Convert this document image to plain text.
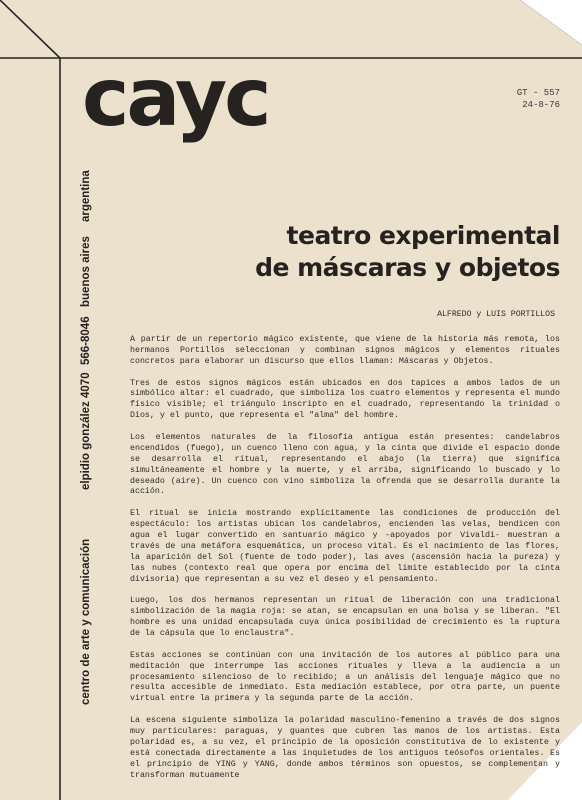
cayc	GT - 557
24-8-76
centro de arte y comunicaciónelpidio gonzález 4070566-8046buenos airesargentina
teatro experimental
de máscaras y objetos
ALFREDO y LUIS PORTILLOS

A partir de un repertorio mágico existente, que viene de la historia más remota, los hermanos Portillos seleccionan y combinan signos mágicos y elementos rituales concretos para elaborar un discurso que ellos llaman: Máscaras y Objetos.

Tres de estos signos mágicos están ubicados en dos tapices a ambos lados de un simbólico altar: el cuadrado, que simboliza los cuatro elementos y representa el mundo físico visible; el triángulo inscripto en el cuadrado, representando la trinidad o Dios, y el punto, que representa el "alma" del hombre.

Los elementos naturales de la filosofía antigua están presentes: candelabros encendidos (fuego), un cuenco lleno con agua, y la cinta que divide el espacio donde se desarrolla el ritual, representando el abajo (la tierra) que significa simultáneamente el hombre y la muerte, y el arriba, significando lo buscado y lo deseado (aire). Un cuenco con vino simboliza la ofrenda que se desarrolla durante la acción.

El ritual se inicia mostrando explícitamente las condiciones de producción del espectáculo: los artistas ubican los candelabros, encienden las velas, bendicen con agua el lugar convertido en santuario mágico y -apoyados por Vivaldi- muestran a través de una metáfora esquemática, un proceso vital. Es el nacimiento de las flores, la aparición del Sol (fuente de todo poder), las aves (ascensión hacia la pureza) y las nubes (contexto real que opera por encima del límite establecido por la cinta divisoria) que representan a su vez el deseo y el pensamiento.

Luego, los dos hermanos representan un ritual de liberación con una tradicional simbolización de la magia roja: se atan, se encapsulan en una bolsa y se liberan. "El hombre es una unidad encapsulada cuya única posibilidad de crecimiento es la ruptura de la cápsula que lo enclaustra".

Estas acciones se continúan con una invitación de los autores al público para una meditación que interrumpe las acciones rituales y lleva a la audiencia a un procesamiento silencioso de lo recibido; a un análisis del lenguaje mágico que no resulta accesible de inmediato. Esta mediación establece, por otra parte, un puente virtual entre la primera y la segunda parte de la acción.

La escena siguiente simboliza la polaridad masculino-femenino a través de dos signos muy particulares: paraguas, y guantes que cubren las manos de los artistas. Esta polaridad es, a su vez, el principio de la oposición constitutiva de lo existente y está conectada directamente a las inquietudes de los antiguos teósofos orientales. Es el principio de YING y YANG, donde ambos términos son opuestos, se complementan y transforman mutuamente
